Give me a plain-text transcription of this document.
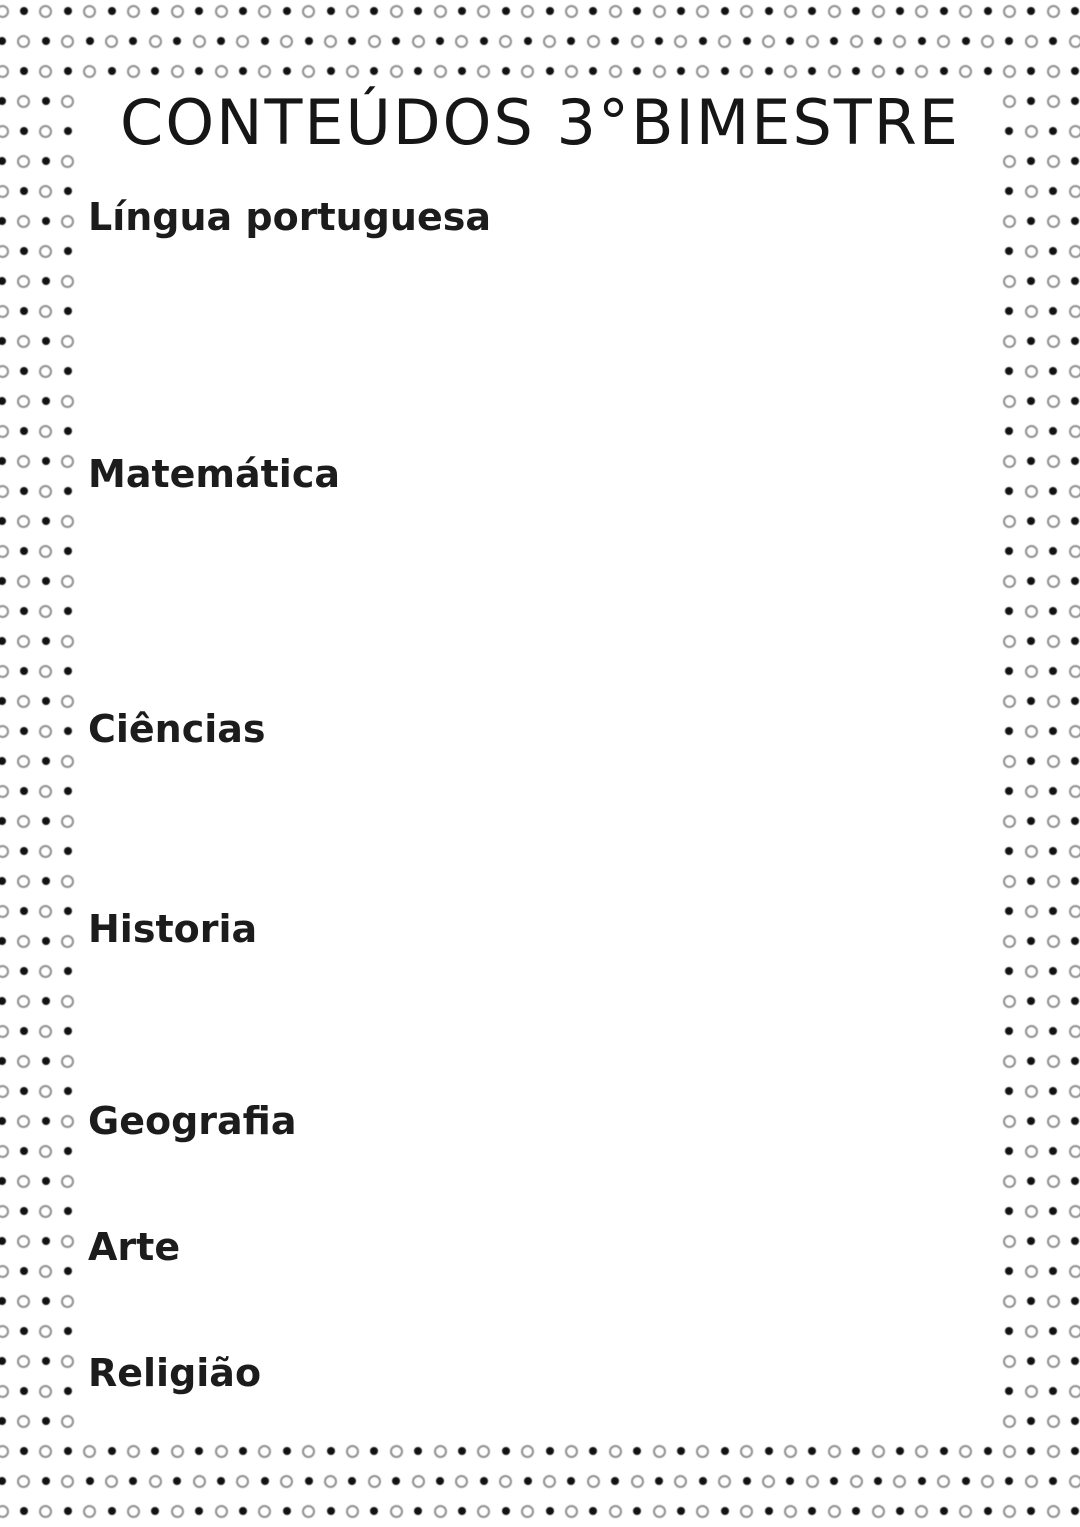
CONTEÚDOS 3°BIMESTRE
Língua portuguesa
Matemática
Ciências
Historia
Geografia
Arte
Religião
